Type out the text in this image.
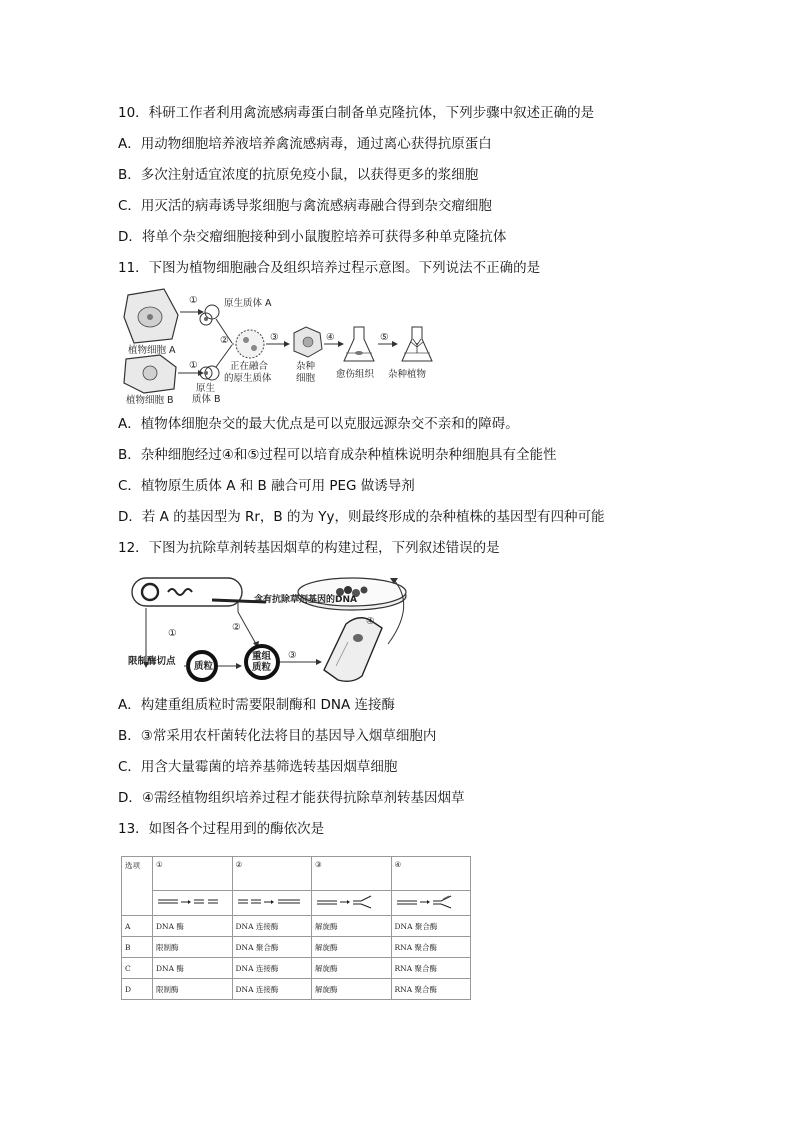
10．科研工作者利用禽流感病毒蛋白制备单克隆抗体，下列步骤中叙述正确的是
A．用动物细胞培养液培养禽流感病毒，通过离心获得抗原蛋白
B．多次注射适宜浓度的抗原免疫小鼠，以获得更多的浆细胞
C．用灭活的病毒诱导浆细胞与禽流感病毒融合得到杂交瘤细胞
D．将单个杂交瘤细胞接种到小鼠腹腔培养可获得多种单克隆抗体
11．下图为植物细胞融合及组织培养过程示意图。下列说法不正确的是
①	原生质体 A
植物细胞 A
①
②	③	④	⑤
正在融合
的原生质体
杂种
细胞 愈伤组织 杂种植物
植物细胞 B
原生
质体 B
A．植物体细胞杂交的最大优点是可以克服远源杂交不亲和的障碍。
B．杂种细胞经过④和⑤过程可以培育成杂种植株说明杂种细胞具有全能性
C．植物原生质体 A 和 B 融合可用 PEG 做诱导剂
D．若 A 的基因型为 Rr，B 的为 Yy，则最终形成的杂种植株的基因型有四种可能
12．下图为抗除草剂转基因烟草的构建过程，下列叙述错误的是
含有抗除草剂基因的DNA
①
②
③
④
限制酶切点 质粒
重组
质粒
A．构建重组质粒时需要限制酶和 DNA 连接酶
B．③常采用农杆菌转化法将目的基因导入烟草细胞内
C．用含大量霉菌的培养基筛选转基因烟草细胞
D．④需经植物组织培养过程才能获得抗除草剂转基因烟草
13．如图各个过程用到的酶依次是
选项	①	②	③	④

A	DNA 酶	DNA 连接酶	解旋酶	DNA 聚合酶
B	限制酶	DNA 聚合酶	解旋酶	RNA 聚合酶
C	DNA 酶	DNA 连接酶	解旋酶	RNA 聚合酶
D	限制酶	DNA 连接酶	解旋酶	RNA 聚合酶
